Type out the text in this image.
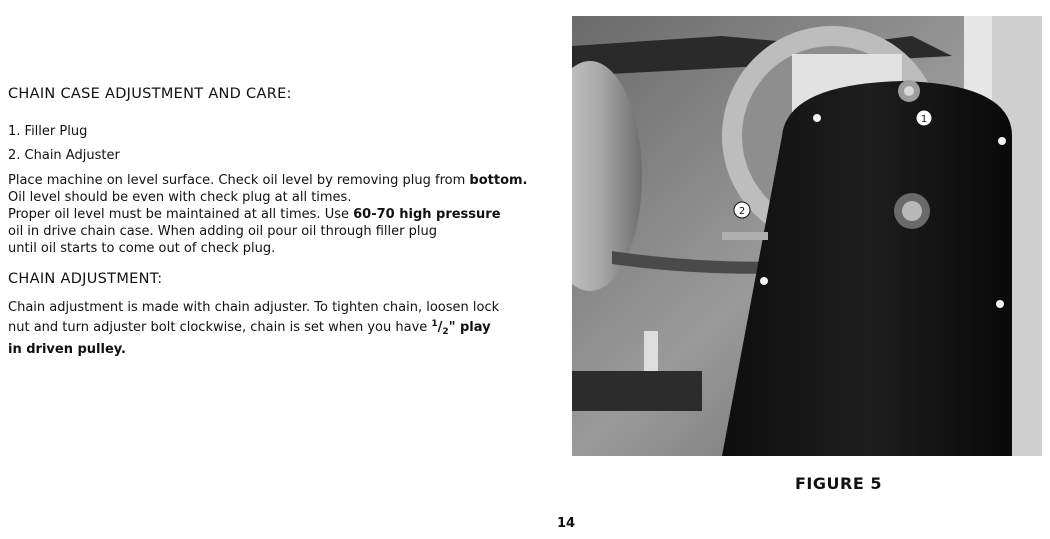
CHAIN CASE ADJUSTMENT AND CARE:
1. Filler Plug
2. Chain Adjuster

Place machine on level surface. Check oil level by removing plug from bottom.
Oil level should be even with check plug at all times.
Proper oil level must be maintained at all times. Use 60-70 high pressure
oil in drive chain case. When adding oil pour oil through filler plug
until oil starts to come out of check plug.

CHAIN ADJUSTMENT:

Chain adjustment is made with chain adjuster. To tighten chain, loosen lock
nut and turn adjuster bolt clockwise, chain is set when you have $^1/_2$" play
in driven pulley.

1
2
FIGURE 5
14
